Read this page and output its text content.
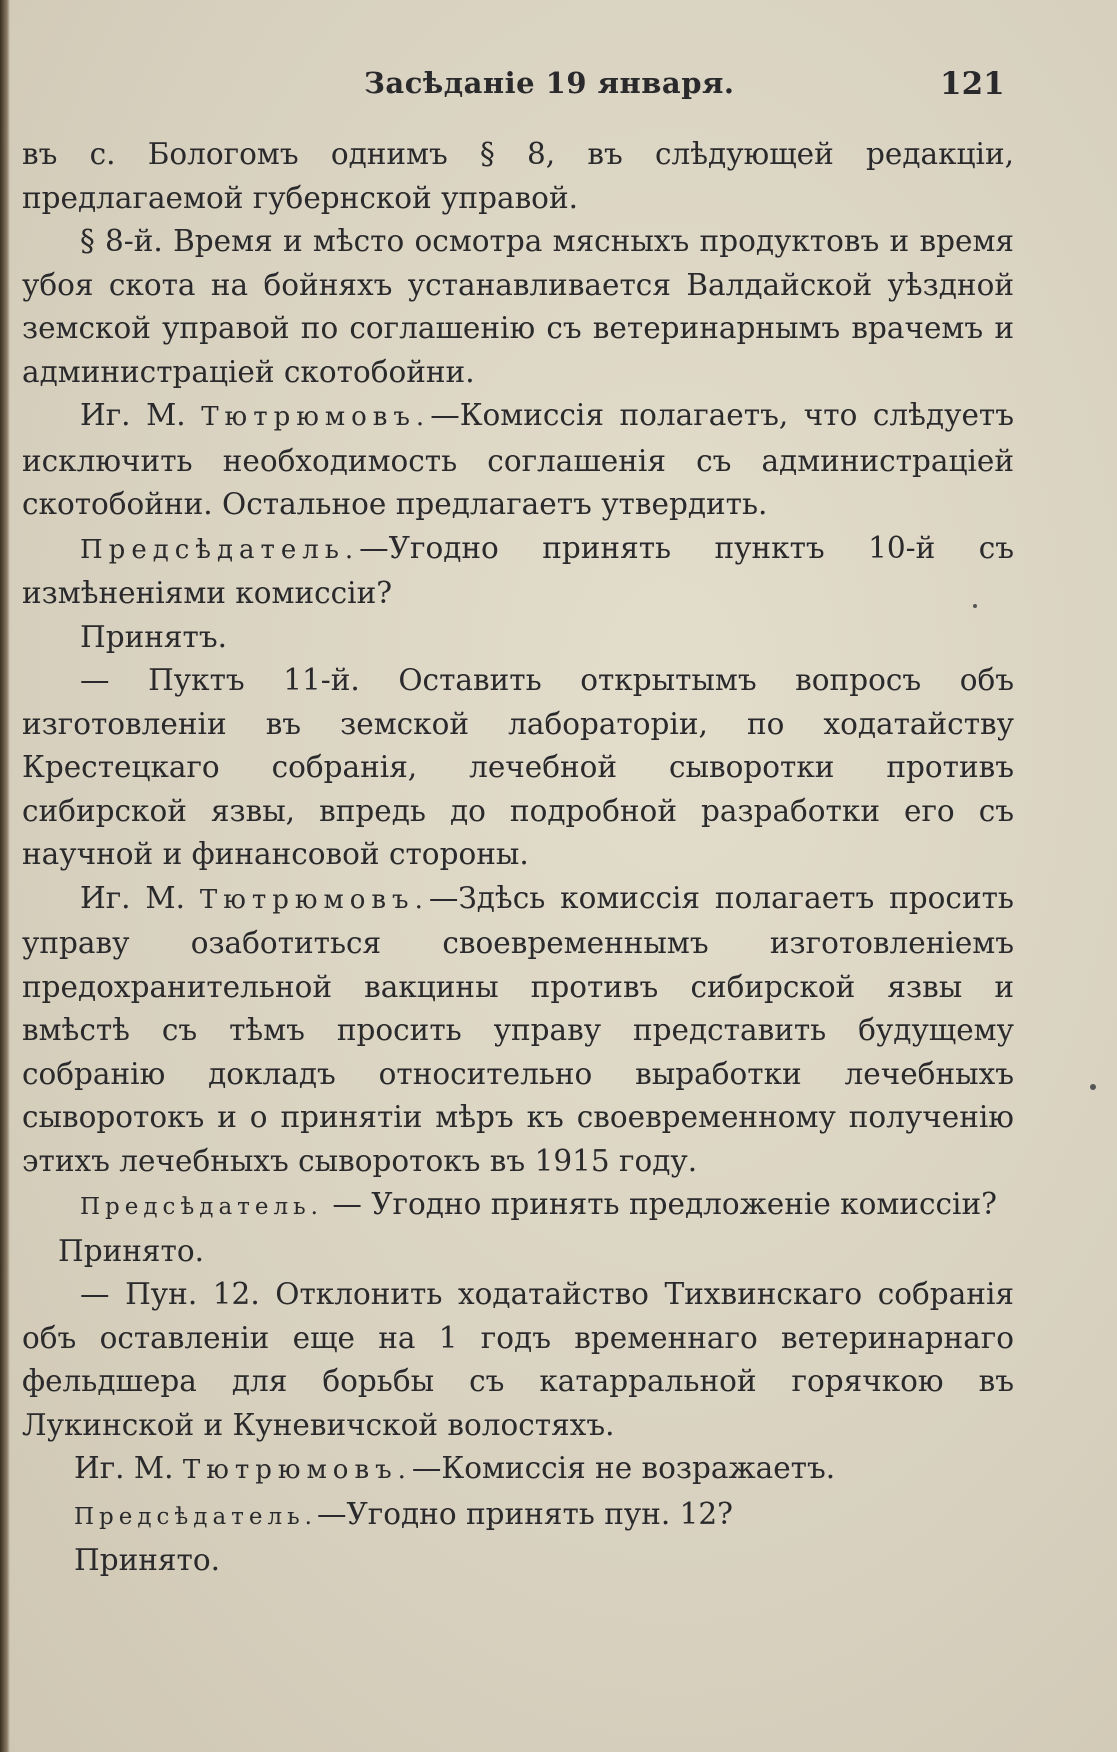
Засѣданіе 19 января.	121

въ с. Бологомъ однимъ § 8, въ слѣдующей редакціи, предлагаемой губернской управой.

§ 8-й. Время и мѣсто осмотра мясныхъ продуктовъ и время убоя скота на бойняхъ устанавливается Валдайской уѣздной земской управой по соглашенію съ ветеринарнымъ врачемъ и администраціей скотобойни.

Иг. М. Тютрюмовъ.—Комиссія полагаетъ, что слѣдуетъ исключить необходимость соглашенія съ администраціей скотобойни. Остальное предлагаетъ утвердить.

Предсѣдатель.—Угодно принять пунктъ 10-й съ измѣненіями комиссіи?

Принятъ.

— Пуктъ 11-й. Оставить открытымъ вопросъ объ изготовленіи въ земской лабораторіи, по ходатайству Крестецкаго собранія, лечебной сыворотки противъ сибирской язвы, впредь до подробной разработки его съ научной и финансовой стороны.

Иг. М. Тютрюмовъ.—Здѣсь комиссія полагаетъ просить управу озаботиться своевременнымъ изготовленіемъ предохранительной вакцины противъ сибирской язвы и вмѣстѣ съ тѣмъ просить управу представить будущему собранію докладъ относительно выработки лечебныхъ сыворотокъ и о принятіи мѣръ къ своевременному полученію этихъ лечебныхъ сыворотокъ въ 1915 году.

Предсѣдатель. — Угодно принять предложеніе комиссіи?

Принято.

— Пун. 12. Отклонить ходатайство Тихвинскаго собранія объ оставленіи еще на 1 годъ временнаго ветеринарнаго фельдшера для борьбы съ катарральной горячкою въ Лукинской и Куневичской волостяхъ.

Иг. М. Тютрюмовъ.—Комиссія не возражаетъ.

Предсѣдатель.—Угодно принять пун. 12?

Принято.
